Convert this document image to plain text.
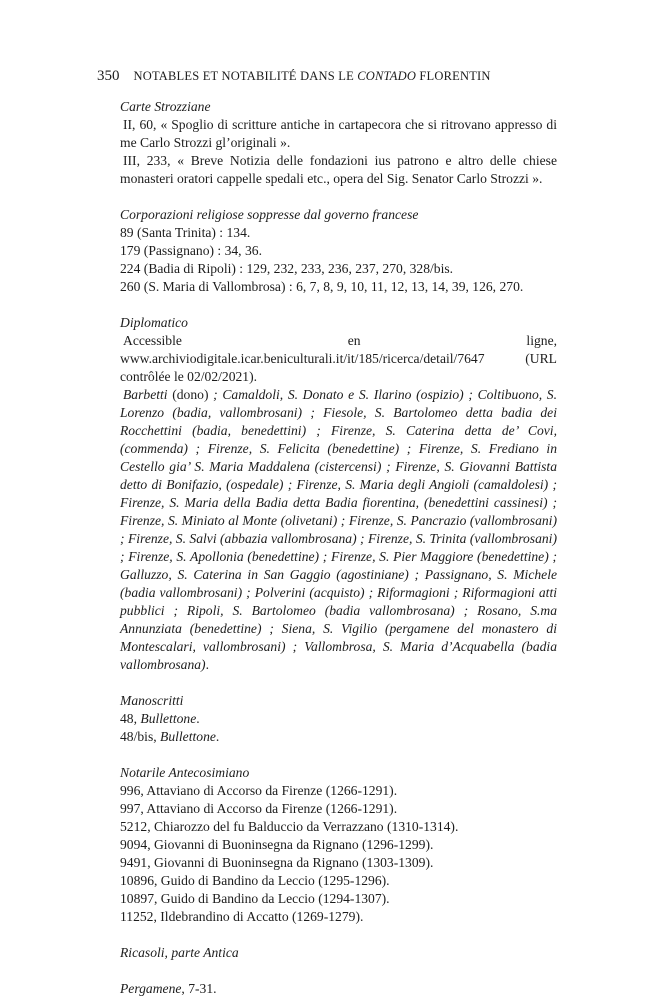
350 NOTABLES ET NOTABILITÉ DANS LE CONTADO FLORENTIN

Carte Strozziane

II, 60, « Spoglio di scritture antiche in cartapecora che si ritrovano appresso di me Carlo Strozzi gl’originali ».

III, 233, « Breve Notizia delle fondazioni ius patrono e altro delle chiese monasteri oratori cappelle spedali etc., opera del Sig. Senator Carlo Strozzi ».

Corporazioni religiose soppresse dal governo francese

89 (Santa Trinita) : 134.

179 (Passignano) : 34, 36.

224 (Badia di Ripoli) : 129, 232, 233, 236, 237, 270, 328/bis.

260 (S. Maria di Vallombrosa) : 6, 7, 8, 9, 10, 11, 12, 13, 14, 39, 126, 270.

Diplomatico

Accessible en ligne, www.archiviodigitale.icar.beniculturali.it/it/185/ricerca/detail/7647 (URL contrôlée le 02/02/2021).

Barbetti (dono) ; Camaldoli, S. Donato e S. Ilarino (ospizio) ; Coltibuono, S. Lorenzo (badia, vallombrosani) ; Fiesole, S. Bartolomeo detta badia dei Rocchettini (badia, benedettini) ; Firenze, S. Caterina detta de’ Covi, (commenda) ; Firenze, S. Felicita (benedettine) ; Firenze, S. Frediano in Cestello gia’ S. Maria Maddalena (cistercensi) ; Firenze, S. Giovanni Battista detto di Bonifazio, (ospedale) ; Firenze, S. Maria degli Angioli (camaldolesi) ; Firenze, S. Maria della Badia detta Badia fiorentina, (benedettini cassinesi) ; Firenze, S. Miniato al Monte (olivetani) ; Firenze, S. Pancrazio (vallombrosani) ; Firenze, S. Salvi (abbazia vallombrosana) ; Firenze, S. Trinita (vallombrosani) ; Firenze, S. Apollonia (benedettine) ; Firenze, S. Pier Maggiore (benedettine) ; Galluzzo, S. Caterina in San Gaggio (agostiniane) ; Passignano, S. Michele (badia vallombrosani) ; Polverini (acquisto) ; Riformagioni ; Riformagioni atti pubblici ; Ripoli, S. Bartolomeo (badia vallombrosana) ; Rosano, S.ma Annunziata (benedettine) ; Siena, S. Vigilio (pergamene del monastero di Montescalari, vallombrosani) ; Vallombrosa, S. Maria d’Acquabella (badia vallombrosana).

Manoscritti

48, Bullettone.

48/bis, Bullettone.

Notarile Antecosimiano

996, Attaviano di Accorso da Firenze (1266-1291).

997, Attaviano di Accorso da Firenze (1266-1291).

5212, Chiarozzo del fu Balduccio da Verrazzano (1310-1314).

9094, Giovanni di Buoninsegna da Rignano (1296-1299).

9491, Giovanni di Buoninsegna da Rignano (1303-1309).

10896, Guido di Bandino da Leccio (1295-1296).

10897, Guido di Bandino da Leccio (1294-1307).

11252, Ildebrandino di Accatto (1269-1279).

Ricasoli, parte Antica

Pergamene, 7-31.
